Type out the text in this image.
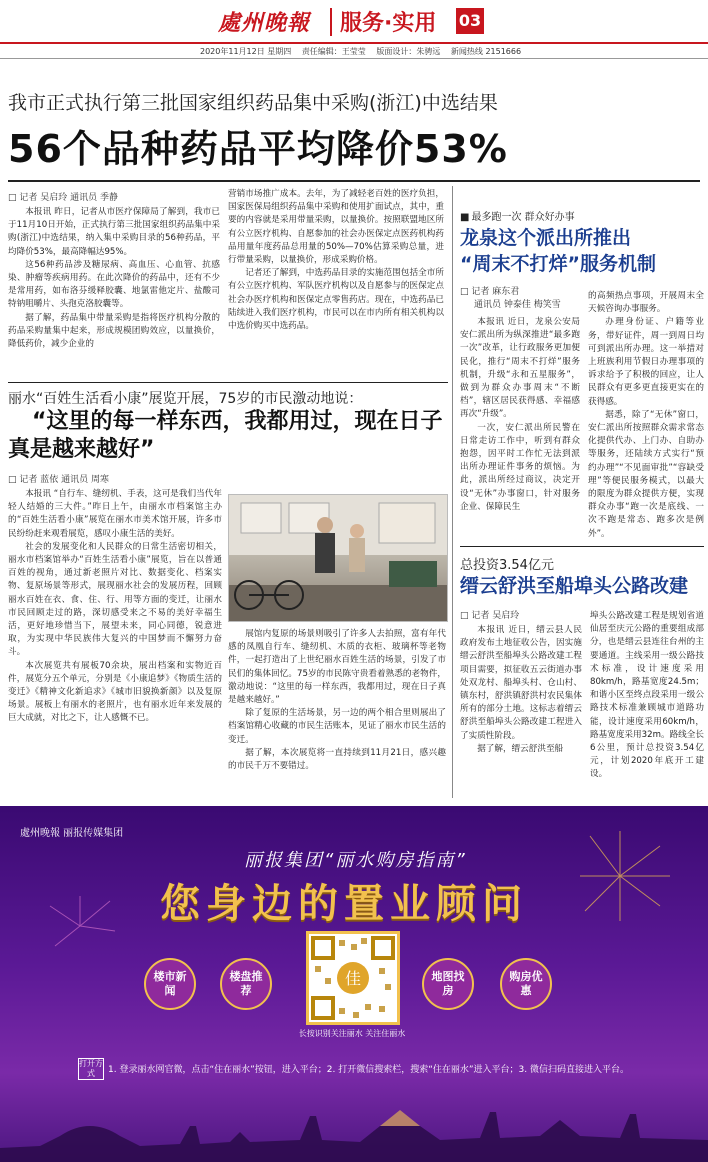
處州晚報 服务·实用 03
2020年11月12日 星期四 责任编辑：王莹莹 版面设计：朱骋远 新闻热线 2151666
我市正式执行第三批国家组织药品集中采购(浙江)中选结果
56个品种药品平均降价53%
□ 记者 吴启玲 通讯员 季静

本报讯 昨日，记者从市医疗保障局了解到，我市已于11月10日开始，正式执行第三批国家组织药品集中采购(浙江)中选结果，纳入集中采购目录的56种药品，平均降价53%，最高降幅达95%。

这56种药品涉及糖尿病、高血压、心血管、抗感染、肿瘤等疾病用药。在此次降价的药品中，还有不少是常用药，如布洛芬缓释胶囊、地氯雷他定片、盐酸司特钠咀嚼片、头孢克洛胶囊等。

据了解，药品集中带量采购是指将医疗机构分散的药品采购量集中起来，形成规模团购效应，以量换价，降低药价，减少企业的

营销市场推广成本。去年，为了减轻老百姓的医疗负担，国家医保局组织药品集中采购和使用扩面试点，其中，重要的内容就是采用带量采购，以量换价。按照联盟地区所有公立医疗机构、自愿参加的社会办医保定点医药机构药品用量年度药品总用量的50%—70%估算采购总量，进行带量采购，以量换价，形成采购价格。

记者还了解到，中选药品目录的实施范围包括全市所有公立医疗机构、军队医疗机构以及自愿参与的医保定点社会办医疗机构和医保定点零售药店。现在，中选药品已陆续进入我们医疗机构，市民可以在市内所有相关机构以中选价购买中选药品。

丽水“百姓生活看小康”展览开展，75岁的市民激动地说：
“这里的每一样东西，我都用过，现在日子真是越来越好”
□ 记者 蓝依 通讯员 周寒

本报讯 “自行车、缝纫机、手表，这可是我们当代年轻人结婚的三大件。”昨日上午，由丽水市档案馆主办的“百姓生活看小康”展览在丽水市美术馆开展，许多市民纷纷赶来观看展览，感叹小康生活的美好。

社会的发展变化和人民群众的日常生活密切相关，丽水市档案馆举办“百姓生活看小康”展览，旨在以普通百姓的视角，通过新老照片对比、数据变化、档案实物、复原场景等形式，展现丽水社会的发展历程，回顾丽水百姓在衣、食、住、行、用等方面的变迁，让丽水市民回顾走过的路，深切感受来之不易的美好幸福生活，更好地珍惜当下，展望未来，同心同德，锐意进取，为实现中华民族伟大复兴的中国梦而不懈努力奋斗。

本次展览共有展板70余块，展出档案和实物近百件，展览分五个单元，分别是《小康追梦》《物质生活的变迁》《精神文化新追求》《城市旧貌换新颜》以及复原场景。展板上有丽水的老照片，也有丽水近年来发展的巨大成就，对比之下，让人感慨不已。

展馆内复原的场景则吸引了许多人去拍照，富有年代感的凤凰自行车、缝纫机、木质的衣柜、玻璃杯等老物件，一起打造出了上世纪丽水百姓生活的场景，引发了市民们的集体回忆。75岁的市民陈守贵看着熟悉的老物件，激动地说：“这里的每一样东西，我都用过，现在日子真是越来越好。”

除了复原的生活场景，另一边的两个相合里则展出了档案馆精心收藏的市民生活账本，见证了丽水市民生活的变迁。

据了解，本次展览将一直持续到11月21日，感兴趣的市民千万不要错过。

■ 最多跑一次 群众好办事
龙泉这个派出所推出
“周末不打烊”服务机制
□ 记者 麻东君
通讯员 钟泰佳 梅笑雪

本报讯 近日，龙泉公安局安仁派出所为纵深推进“最多跑一次”改革，让行政服务更加便民化，推行“周末不打烊”服务机制，升级“永和五星服务”，做到为群众办事周末“不断档”，辖区居民获得感、幸福感再次“升级”。

一次，安仁派出所民警在日常走访工作中，听到有群众抱怨，因平时工作忙无法到派出所办理证件事务的烦恼。为此，派出所经过商议，决定开设“无休”办事窗口，针对服务企业、保障民生

的高频热点事项，开展周末全天候咨询办事服务。

办理身份证、户籍等业务，带好证件，周一到周日均可到派出所办理。这一举措对上班族利用节假日办理事项的诉求给予了积极的回应，让人民群众有更多更直接更实在的获得感。

据悉，除了“无休”窗口，安仁派出所按照群众需求常态化提供代办、上门办、自助办等服务，还陆续方式实行“预约办理”“不见面审批”“容缺受理”等便民服务模式，以最大的限度为群众提供方便，实现群众办事“跑一次是底线、一次不跑是常态、跑多次是例外”。

总投资3.54亿元
缙云舒洪至船埠头公路改建
□ 记者 吴启玲

本报讯 近日，缙云县人民政府发布土地征收公告，因实施缙云舒洪至船埠头公路改建工程项目需要，拟征收五云街道办事处双龙村、船埠头村、仓山村、镇东村，舒洪镇舒洪村农民集体所有的部分土地。这标志着缙云舒洪至船埠头公路改建工程进入了实质性阶段。

据了解，缙云舒洪至船

埠头公路改建工程是规划省道仙居至庆元公路的重要组成部分，也是缙云县连往台州的主要通道。主线采用一级公路技术标准，设计速度采用80km/h，路基宽度24.5m；和谐小区至终点段采用一级公路技术标准兼顾城市道路功能，设计速度采用60km/h，路基宽度采用32m。路线全长6公里，预计总投资3.54亿元，计划2020年底开工建设。

處州晚報 丽报传媒集团
丽报集团“丽水购房指南”
您身边的置业顾问
楼市新闻
楼盘推荐
佳
长按识别关注丽水 关注住丽水
地图找房
购房优惠
打开方式	1. 登录丽水网官微，点击“住在丽水”按钮，进入平台；2. 打开微信搜索栏，搜索“住在丽水”进入平台；3. 微信扫码直接进入平台。
